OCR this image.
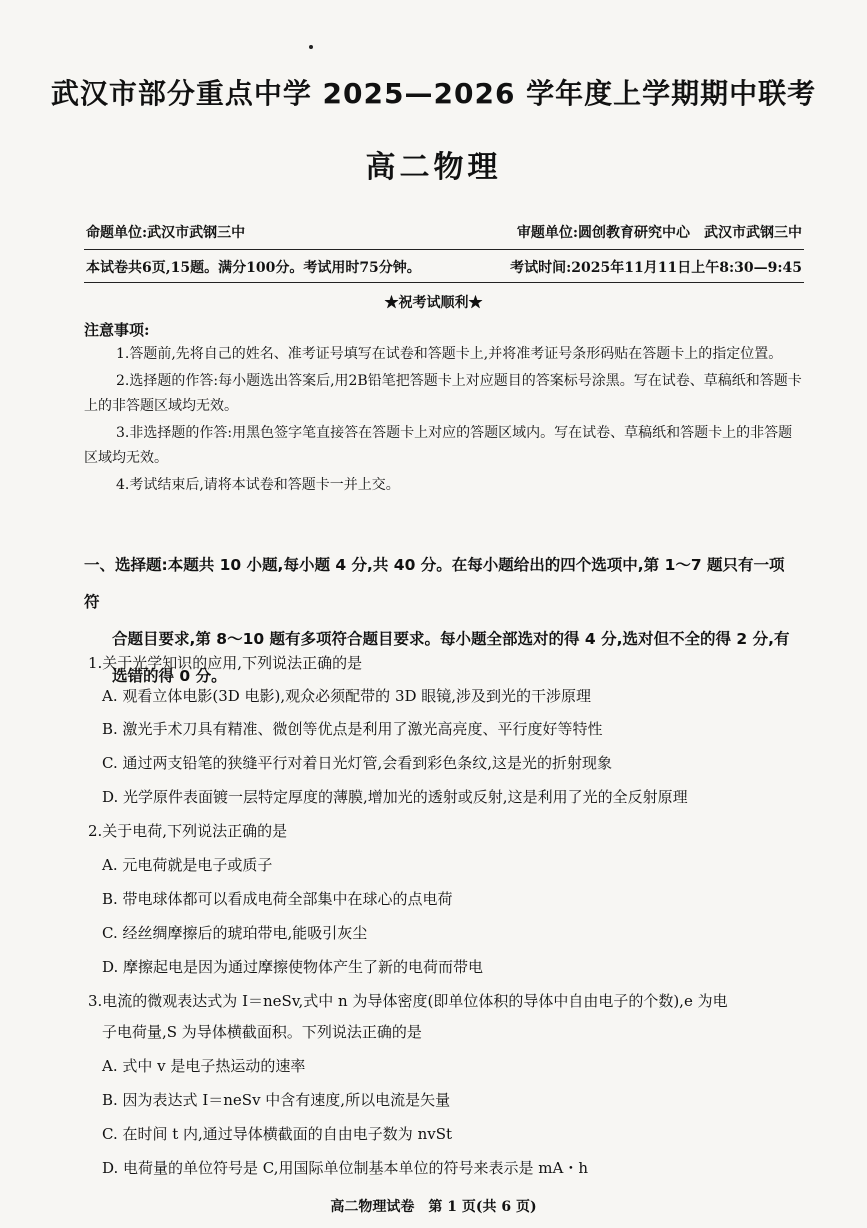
武汉市部分重点中学 2025—2026 学年度上学期期中联考
高二物理
命题单位:武汉市武钢三中	审题单位:圆创教育研究中心　武汉市武钢三中
本试卷共6页,15题。满分100分。考试用时75分钟。	考试时间:2025年11月11日上午8:30—9:45
★祝考试顺利★
注意事项:

1.答题前,先将自己的姓名、准考证号填写在试卷和答题卡上,并将准考证号条形码贴在答题卡上的指定位置。

2.选择题的作答:每小题选出答案后,用2B铅笔把答题卡上对应题目的答案标号涂黑。写在试卷、草稿纸和答题卡上的非答题区域均无效。

3.非选择题的作答:用黑色签字笔直接答在答题卡上对应的答题区域内。写在试卷、草稿纸和答题卡上的非答题区域均无效。

4.考试结束后,请将本试卷和答题卡一并上交。

一、选择题:本题共 10 小题,每小题 4 分,共 40 分。在每小题给出的四个选项中,第 1～7 题只有一项符
合题目要求,第 8～10 题有多项符合题目要求。每小题全部选对的得 4 分,选对但不全的得 2 分,有
选错的得 0 分。
1.关于光学知识的应用,下列说法正确的是
A. 观看立体电影(3D 电影),观众必须配带的 3D 眼镜,涉及到光的干涉原理
B. 激光手术刀具有精准、微创等优点是利用了激光高亮度、平行度好等特性
C. 通过两支铅笔的狭缝平行对着日光灯管,会看到彩色条纹,这是光的折射现象
D. 光学原件表面镀一层特定厚度的薄膜,增加光的透射或反射,这是利用了光的全反射原理
2.关于电荷,下列说法正确的是
A. 元电荷就是电子或质子
B. 带电球体都可以看成电荷全部集中在球心的点电荷
C. 经丝绸摩擦后的琥珀带电,能吸引灰尘
D. 摩擦起电是因为通过摩擦使物体产生了新的电荷而带电
3.电流的微观表达式为 I＝neSv,式中 n 为导体密度(即单位体积的导体中自由电子的个数),e 为电
子电荷量,S 为导体横截面积。下列说法正确的是
A. 式中 v 是电子热运动的速率
B. 因为表达式 I＝neSv 中含有速度,所以电流是矢量
C. 在时间 t 内,通过导体横截面的自由电子数为 nvSt
D. 电荷量的单位符号是 C,用国际单位制基本单位的符号来表示是 mA・h
高二物理试卷　第 1 页(共 6 页)
